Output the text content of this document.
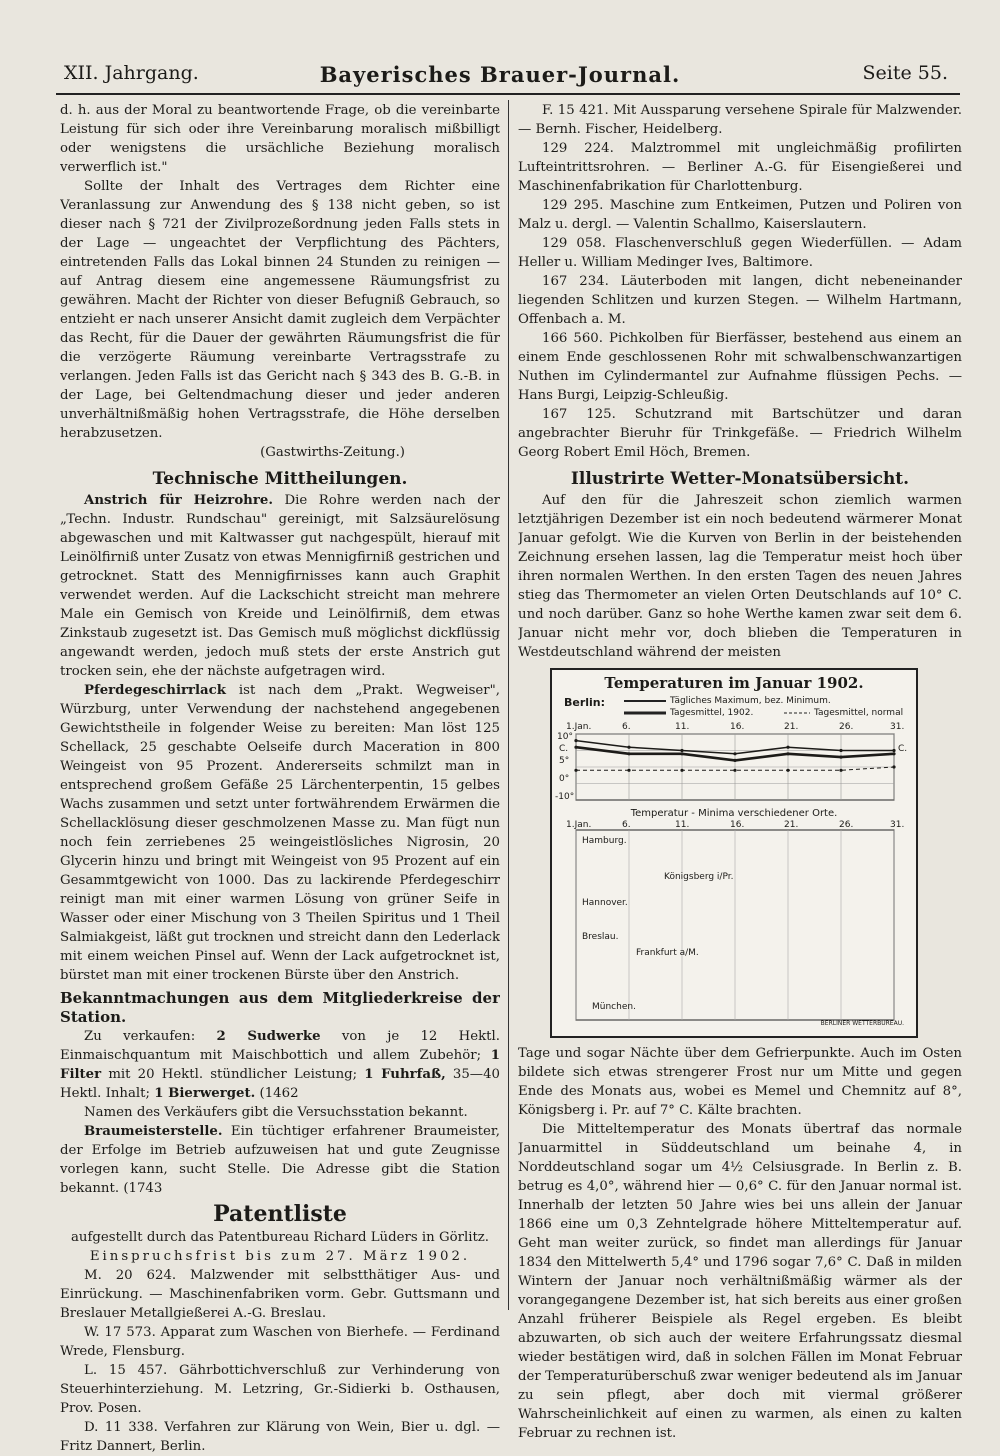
XII. Jahrgang.	Bayerisches Brauer-Journal.	Seite 55.

d. h. aus der Moral zu beantwortende Frage, ob die vereinbarte Leistung für sich oder ihre Vereinbarung moralisch mißbilligt oder wenigstens die ursächliche Beziehung moralisch verwerflich ist."

Sollte der Inhalt des Vertrages dem Richter eine Veranlassung zur Anwendung des § 138 nicht geben, so ist dieser nach § 721 der Zivilprozeßordnung jeden Falls stets in der Lage — ungeachtet der Verpflichtung des Pächters, eintretenden Falls das Lokal binnen 24 Stunden zu reinigen — auf Antrag diesem eine angemessene Räumungsfrist zu gewähren. Macht der Richter von dieser Befugniß Gebrauch, so entzieht er nach unserer Ansicht damit zugleich dem Verpächter das Recht, für die Dauer der gewährten Räumungsfrist die für die verzögerte Räumung vereinbarte Vertragsstrafe zu verlangen. Jeden Falls ist das Gericht nach § 343 des B. G.-B. in der Lage, bei Geltendmachung dieser und jeder anderen unverhältnißmäßig hohen Vertragsstrafe, die Höhe derselben herabzusetzen.

(Gastwirths-Zeitung.)

Technische Mittheilungen.

Anstrich für Heizrohre. Die Rohre werden nach der „Techn. Industr. Rundschau" gereinigt, mit Salzsäurelösung abgewaschen und mit Kaltwasser gut nachgespült, hierauf mit Leinölfirniß unter Zusatz von etwas Mennigfirniß gestrichen und getrocknet. Statt des Mennigfirnisses kann auch Graphit verwendet werden. Auf die Lackschicht streicht man mehrere Male ein Gemisch von Kreide und Leinölfirniß, dem etwas Zinkstaub zugesetzt ist. Das Gemisch muß möglichst dickflüssig angewandt werden, jedoch muß stets der erste Anstrich gut trocken sein, ehe der nächste aufgetragen wird.

Pferdegeschirrlack ist nach dem „Prakt. Wegweiser", Würzburg, unter Verwendung der nachstehend angegebenen Gewichtstheile in folgender Weise zu bereiten: Man löst 125 Schellack, 25 geschabte Oelseife durch Maceration in 800 Weingeist von 95 Prozent. Andererseits schmilzt man in entsprechend großem Gefäße 25 Lärchenterpentin, 15 gelbes Wachs zusammen und setzt unter fortwährendem Erwärmen die Schellacklösung dieser geschmolzenen Masse zu. Man fügt nun noch fein zerriebenes 25 weingeistlösliches Nigrosin, 20 Glycerin hinzu und bringt mit Weingeist von 95 Prozent auf ein Gesammtgewicht von 1000. Das zu lackirende Pferdegeschirr reinigt man mit einer warmen Lösung von grüner Seife in Wasser oder einer Mischung von 3 Theilen Spiritus und 1 Theil Salmiakgeist, läßt gut trocknen und streicht dann den Lederlack mit einem weichen Pinsel auf. Wenn der Lack aufgetrocknet ist, bürstet man mit einer trockenen Bürste über den Anstrich.

Bekanntmachungen aus dem Mitgliederkreise der Station.

Zu verkaufen: 2 Sudwerke von je 12 Hektl. Einmaischquantum mit Maischbottich und allem Zubehör; 1 Filter mit 20 Hektl. stündlicher Leistung; 1 Fuhrfaß, 35—40 Hektl. Inhalt; 1 Bierwerget. (1462

Namen des Verkäufers gibt die Versuchsstation bekannt.

Braumeisterstelle. Ein tüchtiger erfahrener Braumeister, der Erfolge im Betrieb aufzuweisen hat und gute Zeugnisse vorlegen kann, sucht Stelle. Die Adresse gibt die Station bekannt. (1743

Patentliste

aufgestellt durch das Patentbureau Richard Lüders in Görlitz.

Einspruchsfrist bis zum 27. März 1902.

M. 20 624. Malzwender mit selbstthätiger Aus- und Einrückung. — Maschinenfabriken vorm. Gebr. Guttsmann und Breslauer Metallgießerei A.-G. Breslau.

W. 17 573. Apparat zum Waschen von Bierhefe. — Ferdinand Wrede, Flensburg.

L. 15 457. Gährbottichverschluß zur Verhinderung von Steuerhinterziehung. M. Letzring, Gr.-Sidierki b. Osthausen, Prov. Posen.

D. 11 338. Verfahren zur Klärung von Wein, Bier u. dgl. — Fritz Dannert, Berlin.

F. 15 421. Mit Aussparung versehene Spirale für Malzwender. — Bernh. Fischer, Heidelberg.

129 224. Malztrommel mit ungleichmäßig profilirten Lufteintrittsrohren. — Berliner A.-G. für Eisengießerei und Maschinenfabrikation für Charlottenburg.

129 295. Maschine zum Entkeimen, Putzen und Poliren von Malz u. dergl. — Valentin Schallmo, Kaiserslautern.

129 058. Flaschenverschluß gegen Wiederfüllen. — Adam Heller u. William Medinger Ives, Baltimore.

167 234. Läuterboden mit langen, dicht nebeneinander liegenden Schlitzen und kurzen Stegen. — Wilhelm Hartmann, Offenbach a. M.

166 560. Pichkolben für Bierfässer, bestehend aus einem an einem Ende geschlossenen Rohr mit schwalbenschwanzartigen Nuthen im Cylindermantel zur Aufnahme flüssigen Pechs. — Hans Burgi, Leipzig-Schleußig.

167 125. Schutzrand mit Bartschützer und daran angebrachter Bieruhr für Trinkgefäße. — Friedrich Wilhelm Georg Robert Emil Höch, Bremen.

Illustrirte Wetter-Monatsübersicht.

Auf den für die Jahreszeit schon ziemlich warmen letztjährigen Dezember ist ein noch bedeutend wärmerer Monat Januar gefolgt. Wie die Kurven von Berlin in der beistehenden Zeichnung ersehen lassen, lag die Temperatur meist hoch über ihren normalen Werthen. In den ersten Tagen des neuen Jahres stieg das Thermometer an vielen Orten Deutschlands auf 10° C. und noch darüber. Ganz so hohe Werthe kamen zwar seit dem 6. Januar nicht mehr vor, doch blieben die Temperaturen in Westdeutschland während der meisten

Temperaturen im Januar 1902.
Berlin:	Tägliches Maximum, bez. Minimum.
Tagesmittel, 1902.	Tagesmittel, normal
1.Jan.	6.	11.	16.	21.	26.	31.
10°
C.	C.
5°
0°
-10°
Temperatur - Minima verschiedener Orte.
1.Jan.	6.	11.	16.	21.	26.	31.
Hamburg.
Königsberg i/Pr.
Hannover.
Breslau.
Frankfurt a/M.
München.
BERLINER WETTERBUREAU.

Tage und sogar Nächte über dem Gefrierpunkte. Auch im Osten bildete sich etwas strengerer Frost nur um Mitte und gegen Ende des Monats aus, wobei es Memel und Chemnitz auf 8°, Königsberg i. Pr. auf 7° C. Kälte brachten.

Die Mitteltemperatur des Monats übertraf das normale Januarmittel in Süddeutschland um beinahe 4, in Norddeutschland sogar um 4½ Celsiusgrade. In Berlin z. B. betrug es 4,0°, während hier — 0,6° C. für den Januar normal ist. Innerhalb der letzten 50 Jahre wies bei uns allein der Januar 1866 eine um 0,3 Zehntelgrade höhere Mitteltemperatur auf. Geht man weiter zurück, so findet man allerdings für Januar 1834 den Mittelwerth 5,4° und 1796 sogar 7,6° C. Daß in milden Wintern der Januar noch verhältnißmäßig wärmer als der vorangegangene Dezember ist, hat sich bereits aus einer großen Anzahl früherer Beispiele als Regel ergeben. Es bleibt abzuwarten, ob sich auch der weitere Erfahrungssatz diesmal wieder bestätigen wird, daß in solchen Fällen im Monat Februar der Temperaturüberschuß zwar weniger bedeutend als im Januar zu sein pflegt, aber doch mit viermal größerer Wahrscheinlichkeit auf einen zu warmen, als einen zu kalten Februar zu rechnen ist.
